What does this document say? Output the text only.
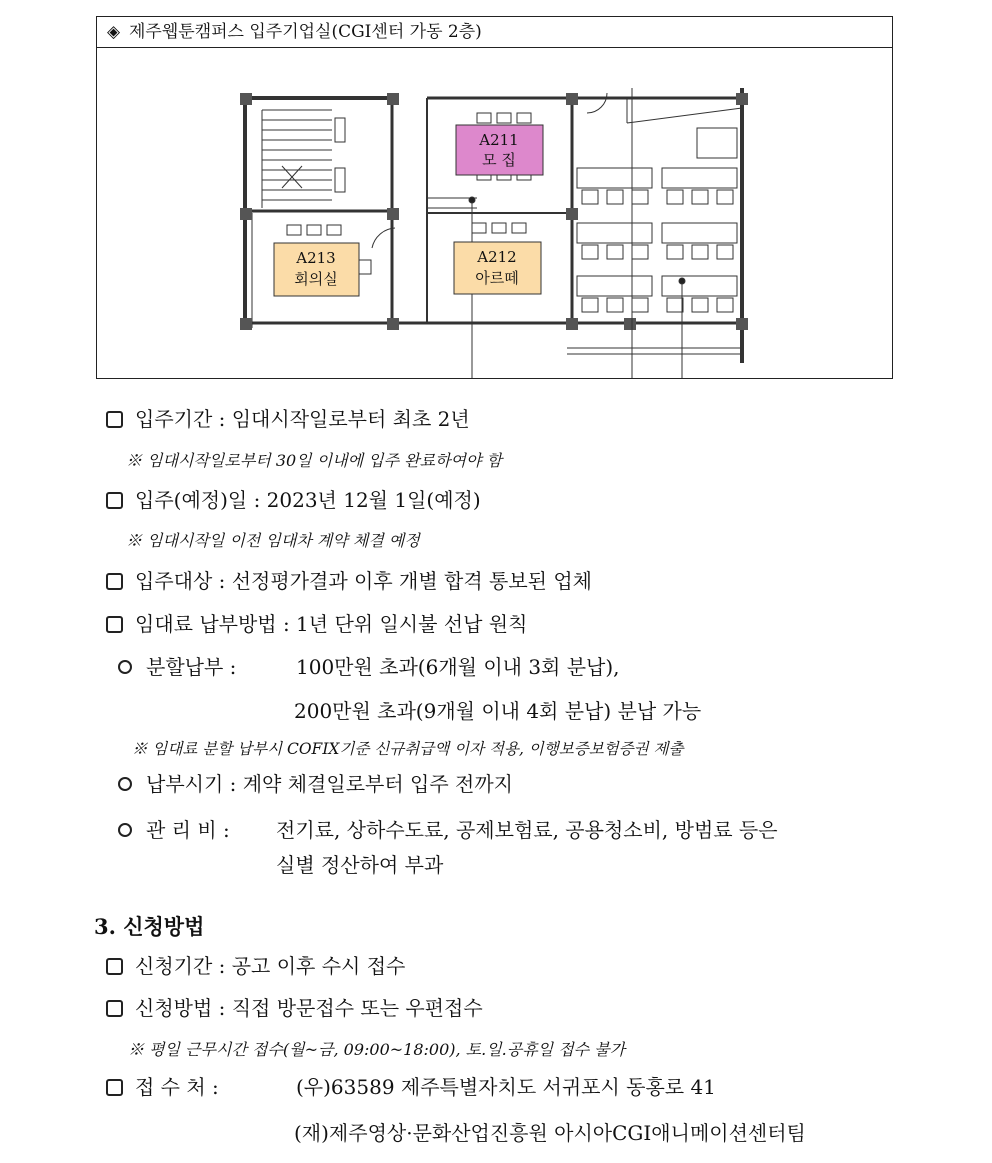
◈ 제주웹툰캠퍼스 입주기업실(CGI센터 가동 2층)
A211
모 집
A212
아르떼
A213
회의실
입주기간 : 임대시작일로부터 최초 2년
※ 임대시작일로부터 30일 이내에 입주 완료하여야 함
입주(예정)일 : 2023년 12월 1일(예정)
※ 임대시작일 이전 임대차 계약 체결 예정
입주대상 : 선정평가결과 이후 개별 합격 통보된 업체
임대료 납부방법 : 1년 단위 일시불 선납 원칙
분할납부 :	100만원 초과(6개월 이내 3회 분납),
200만원 초과(9개월 이내 4회 분납) 분납 가능
※ 임대료 분할 납부시 COFIX기준 신규취급액 이자 적용, 이행보증보험증권 제출
납부시기 : 계약 체결일로부터 입주 전까지
관 리 비 : 전기료, 상하수도료, 공제보험료, 공용청소비, 방범료 등은
실별 정산하여 부과
3. 신청방법
신청기간 : 공고 이후 수시 접수
신청방법 : 직접 방문접수 또는 우편접수
※ 평일 근무시간 접수(월~금, 09:00~18:00), 토.일.공휴일 접수 불가
접 수 처 :	(우)63589 제주특별자치도 서귀포시 동홍로 41
(재)제주영상·문화산업진흥원 아시아CGI애니메이션센터팀
